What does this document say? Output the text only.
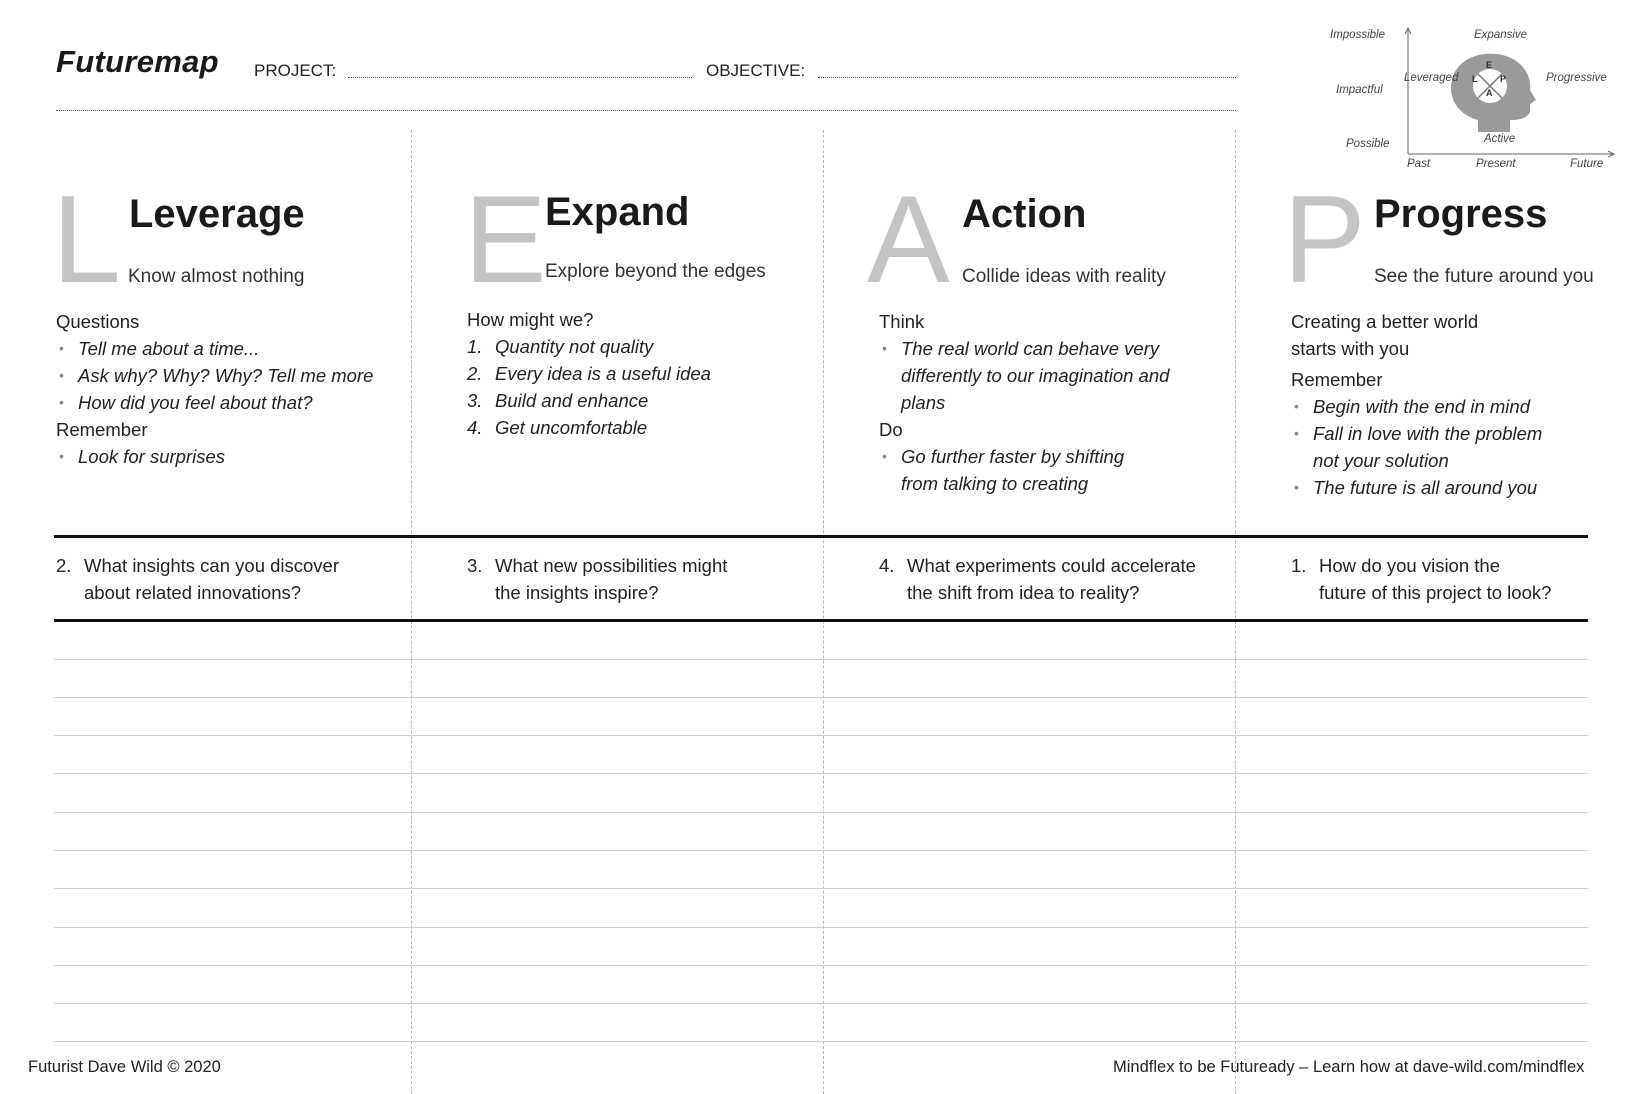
Futuremap PROJECT:	OBJECTIVE:
Impossible
Impactful
Possible
Expansive
Leveraged	Progressive
Active
Past	Present	Future
E
L	P
A
L Leverage
Know almost nothing
Questions
• Tell me about a time...
• Ask why? Why? Why? Tell me more
• How did you feel about that?
Remember
• Look for surprises
E
Expand
Explore beyond the edges
How might we?
1. Quantity not quality
2. Every idea is a useful idea
3. Build and enhance
4. Get uncomfortable
A Action
Collide ideas with reality
Think
• The real world can behave very differently to our imagination and plans
Do
• Go further faster by shifting from talking to creating
P Progress
See the future around you
Creating a better world starts with you
Remember
• Begin with the end in mind
• Fall in love with the problem not your solution
• The future is all around you
2. What insights can you discover
about related innovations?
3. What new possibilities might
the insights inspire?
4. What experiments could accelerate
the shift from idea to reality?
1. How do you vision the
future of this project to look?
Futurist Dave Wild © 2020	Mindflex to be Futuready – Learn how at dave-wild.com/mindflex
